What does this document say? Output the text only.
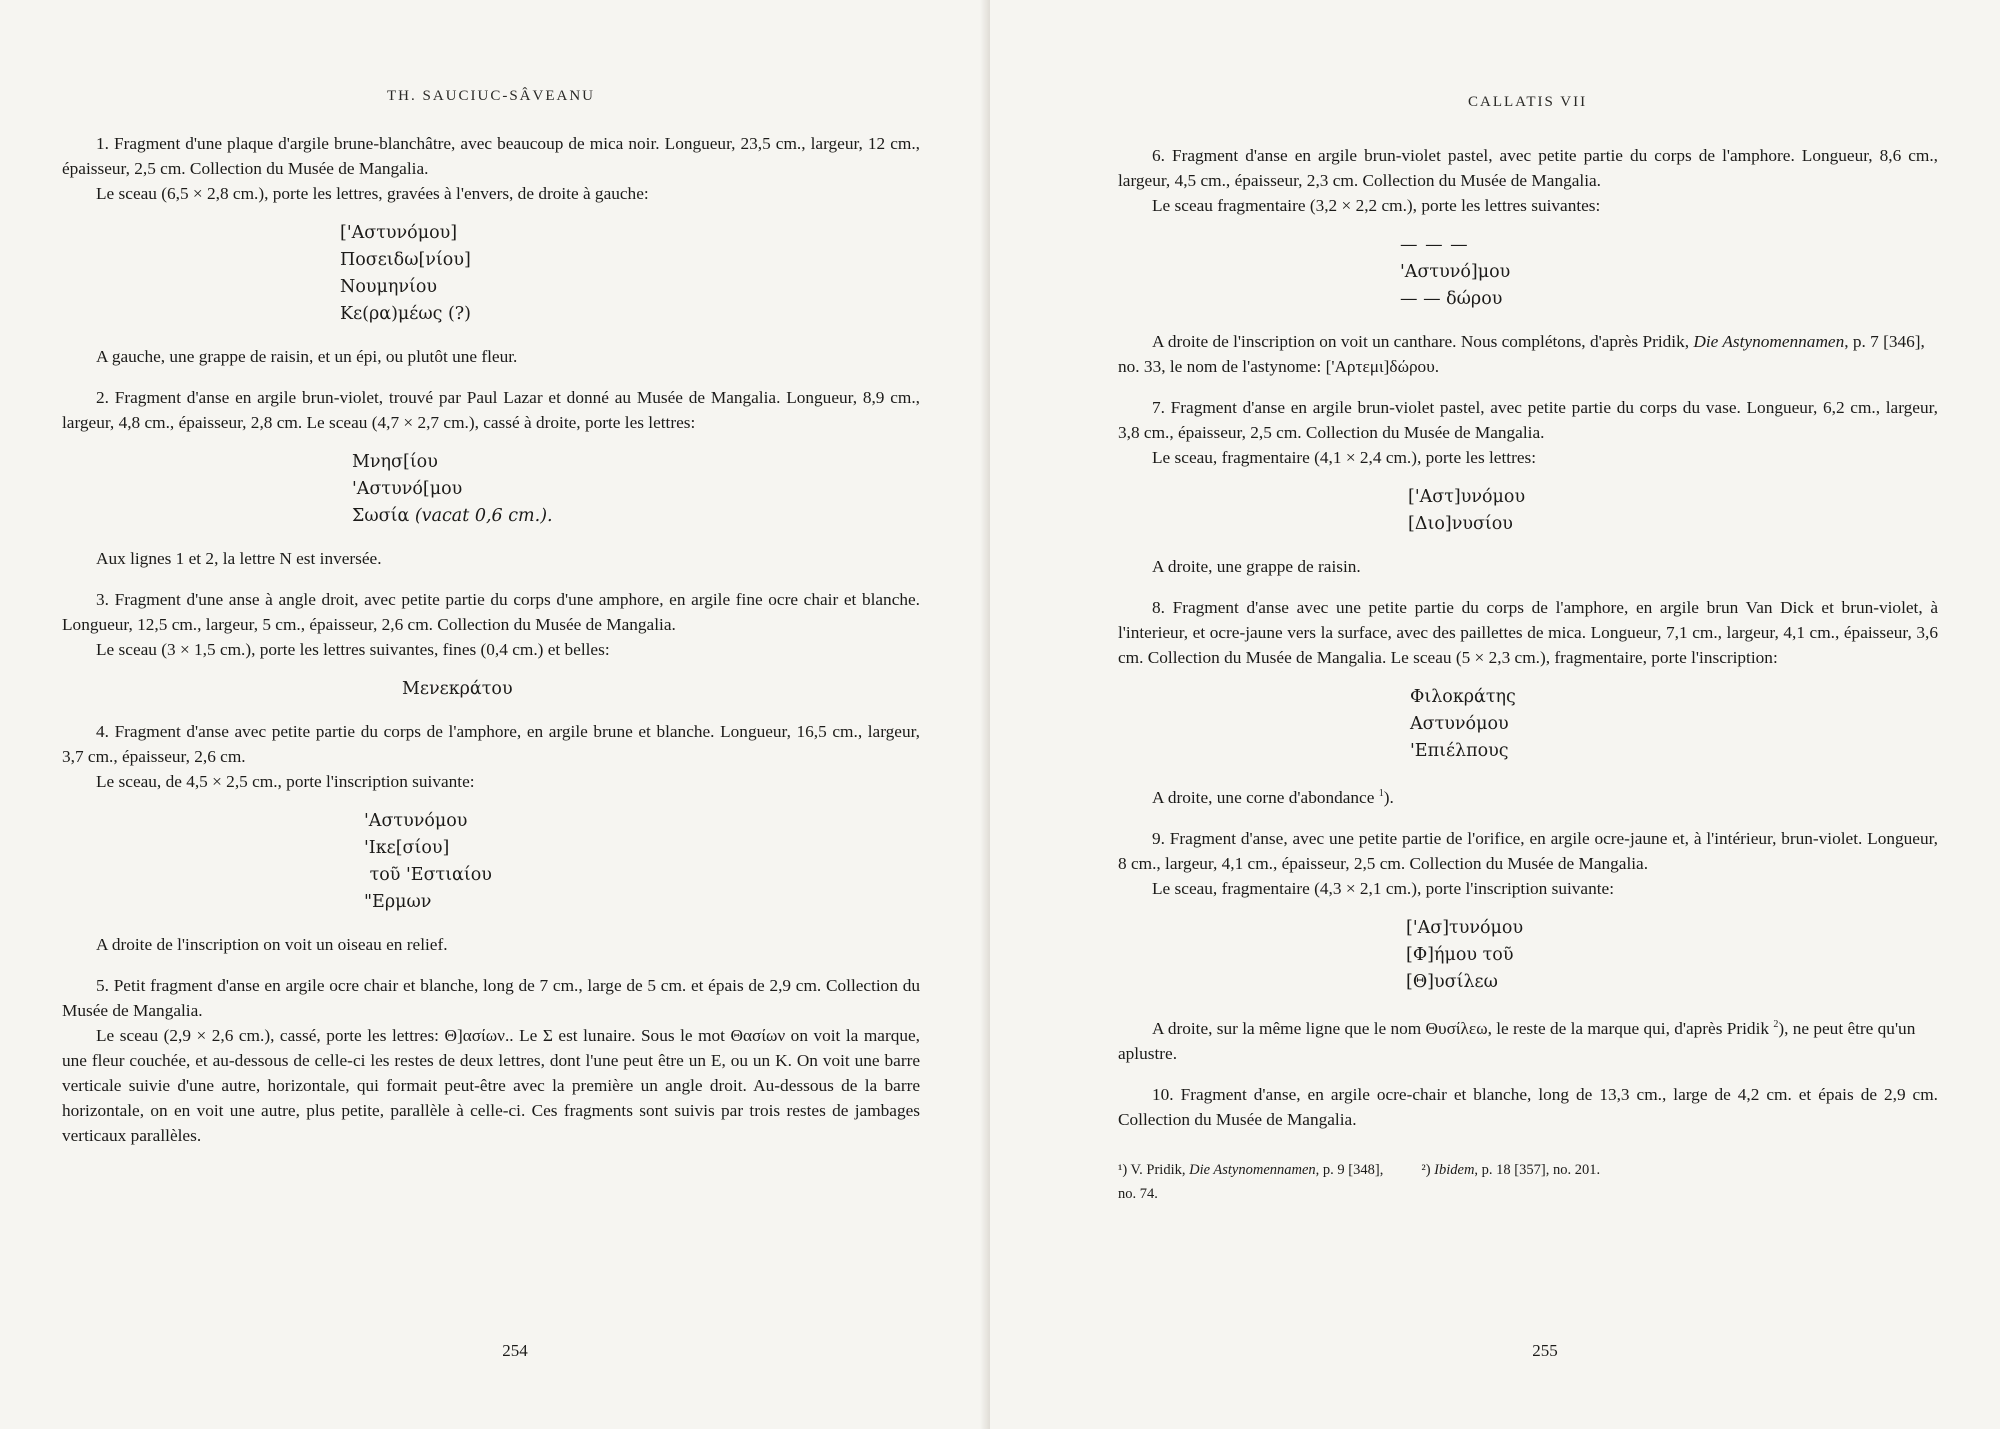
TH. SAUCIUC-SÂVEANU

1. Fragment d'une plaque d'argile brune-blanchâtre, avec beaucoup de mica noir. Longueur, 23,5 cm., largeur, 12 cm., épaisseur, 2,5 cm. Collection du Musée de Mangalia.

Le sceau (6,5 × 2,8 cm.), porte les lettres, gravées à l'envers, de droite à gauche:

['Αστυνόμου]
Ποσειδω[νίου]
Νουμηνίου
Κε(ρα)μέως (?)

A gauche, une grappe de raisin, et un épi, ou plutôt une fleur.

2. Fragment d'anse en argile brun-violet, trouvé par Paul Lazar et donné au Musée de Mangalia. Longueur, 8,9 cm., largeur, 4,8 cm., épaisseur, 2,8 cm. Le sceau (4,7 × 2,7 cm.), cassé à droite, porte les lettres:

Μνησ[ίου
'Αστυνό[μου
Σωσία (vacat 0,6 cm.).

Aux lignes 1 et 2, la lettre N est inversée.

3. Fragment d'une anse à angle droit, avec petite partie du corps d'une amphore, en argile fine ocre chair et blanche. Longueur, 12,5 cm., largeur, 5 cm., épaisseur, 2,6 cm. Collection du Musée de Mangalia.

Le sceau (3 × 1,5 cm.), porte les lettres suivantes, fines (0,4 cm.) et belles:

Μενεκράτου

4. Fragment d'anse avec petite partie du corps de l'amphore, en argile brune et blanche. Longueur, 16,5 cm., largeur, 3,7 cm., épaisseur, 2,6 cm.

Le sceau, de 4,5 × 2,5 cm., porte l'inscription suivante:

'Αστυνόμου
'Ικε[σίου]
τοῦ 'Εστιαίου
"Ερμων

A droite de l'inscription on voit un oiseau en relief.

5. Petit fragment d'anse en argile ocre chair et blanche, long de 7 cm., large de 5 cm. et épais de 2,9 cm. Collection du Musée de Mangalia.

Le sceau (2,9 × 2,6 cm.), cassé, porte les lettres: Θ]ασίων.. Le Σ est lunaire. Sous le mot Θασίων on voit la marque, une fleur couchée, et au-dessous de celle-ci les restes de deux lettres, dont l'une peut être un E, ou un K. On voit une barre verticale suivie d'une autre, horizontale, qui formait peut-être avec la première un angle droit. Au-dessous de la barre horizontale, on en voit une autre, plus petite, parallèle à celle-ci. Ces fragments sont suivis par trois restes de jambages verticaux parallèles.

254
CALLATIS VII

6. Fragment d'anse en argile brun-violet pastel, avec petite partie du corps de l'amphore. Longueur, 8,6 cm., largeur, 4,5 cm., épaisseur, 2,3 cm. Collection du Musée de Mangalia.

Le sceau fragmentaire (3,2 × 2,2 cm.), porte les lettres suivantes:

— — —
'Αστυνό]μου
— — δώρου

A droite de l'inscription on voit un canthare. Nous complétons, d'après Pridik, Die Astynomennamen, p. 7 [346], no. 33, le nom de l'astynome: ['Αρτεμι]δώρου.

7. Fragment d'anse en argile brun-violet pastel, avec petite partie du corps du vase. Longueur, 6,2 cm., largeur, 3,8 cm., épaisseur, 2,5 cm. Collection du Musée de Mangalia.

Le sceau, fragmentaire (4,1 × 2,4 cm.), porte les lettres:

['Αστ]υνόμου
[Διο]νυσίου

A droite, une grappe de raisin.

8. Fragment d'anse avec une petite partie du corps de l'amphore, en argile brun Van Dick et brun-violet, à l'interieur, et ocre-jaune vers la surface, avec des paillettes de mica. Longueur, 7,1 cm., largeur, 4,1 cm., épaisseur, 3,6 cm. Collection du Musée de Mangalia. Le sceau (5 × 2,3 cm.), fragmentaire, porte l'inscription:

Φιλοκράτης
Αστυνόμου
'Επιέλπους

A droite, une corne d'abondance $^1$).

9. Fragment d'anse, avec une petite partie de l'orifice, en argile ocre-jaune et, à l'intérieur, brun-violet. Longueur, 8 cm., largeur, 4,1 cm., épaisseur, 2,5 cm. Collection du Musée de Mangalia.

Le sceau, fragmentaire (4,3 × 2,1 cm.), porte l'inscription suivante:

['Ασ]τυνόμου
[Φ]ήμου τοῦ
[Θ]υσίλεω

A droite, sur la même ligne que le nom Θυσίλεω, le reste de la marque qui, d'après Pridik $^2$), ne peut être qu'un aplustre.

10. Fragment d'anse, en argile ocre-chair et blanche, long de 13,3 cm., large de 4,2 cm. et épais de 2,9 cm. Collection du Musée de Mangalia.

¹) V. Pridik, Die Astynomennamen, p. 9 [348],	²) Ibidem, p. 18 [357], no. 201.
no. 74.
255
